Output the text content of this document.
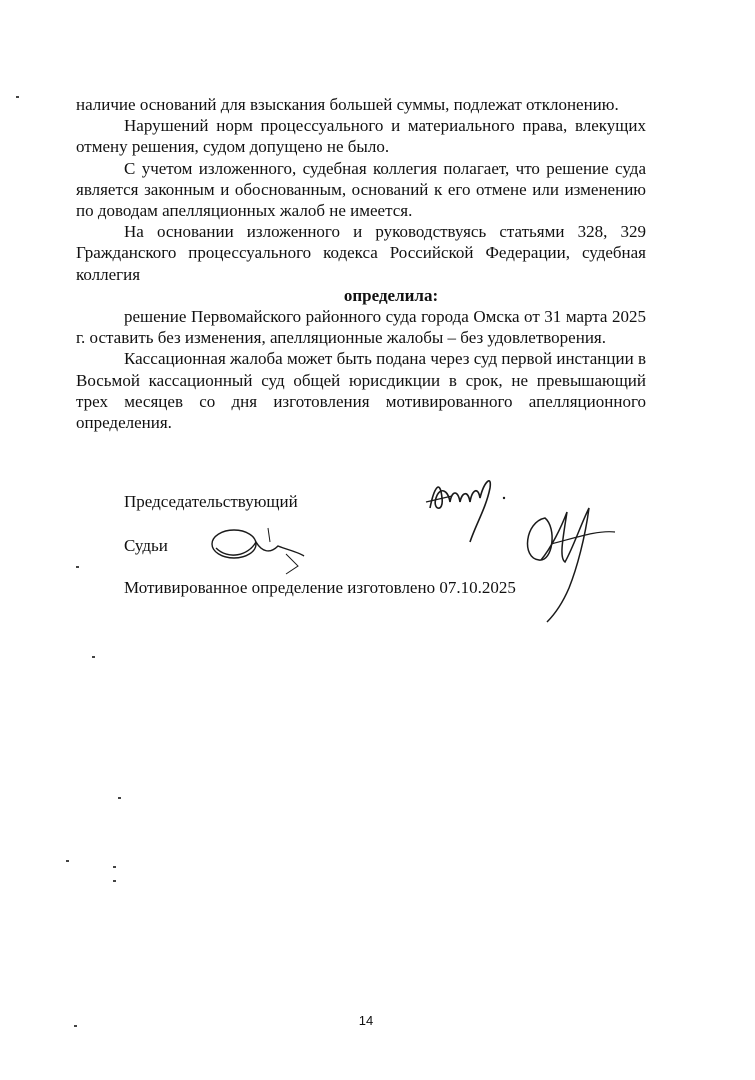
наличие оснований для взыскания большей суммы, подлежат отклонению.

Нарушений норм процессуального и материального права, влекущих отмену решения, судом допущено не было.

С учетом изложенного, судебная коллегия полагает, что решение суда является законным и обоснованным, оснований к его отмене или изменению по доводам апелляционных жалоб не имеется.

На основании изложенного и руководствуясь статьями 328, 329 Гражданского процессуального кодекса Российской Федерации, судебная коллегия

определила:

решение Первомайского районного суда города Омска от 31 марта 2025 г. оставить без изменения, апелляционные жалобы – без удовлетворения.

Кассационная жалоба может быть подана через суд первой инстанции в Восьмой кассационный суд общей юрисдикции в срок, не превышающий трех месяцев со дня изготовления мотивированного апелляционного определения.

Председательствующий
Судьи
Мотивированное определение изготовлено 07.10.2025
14
